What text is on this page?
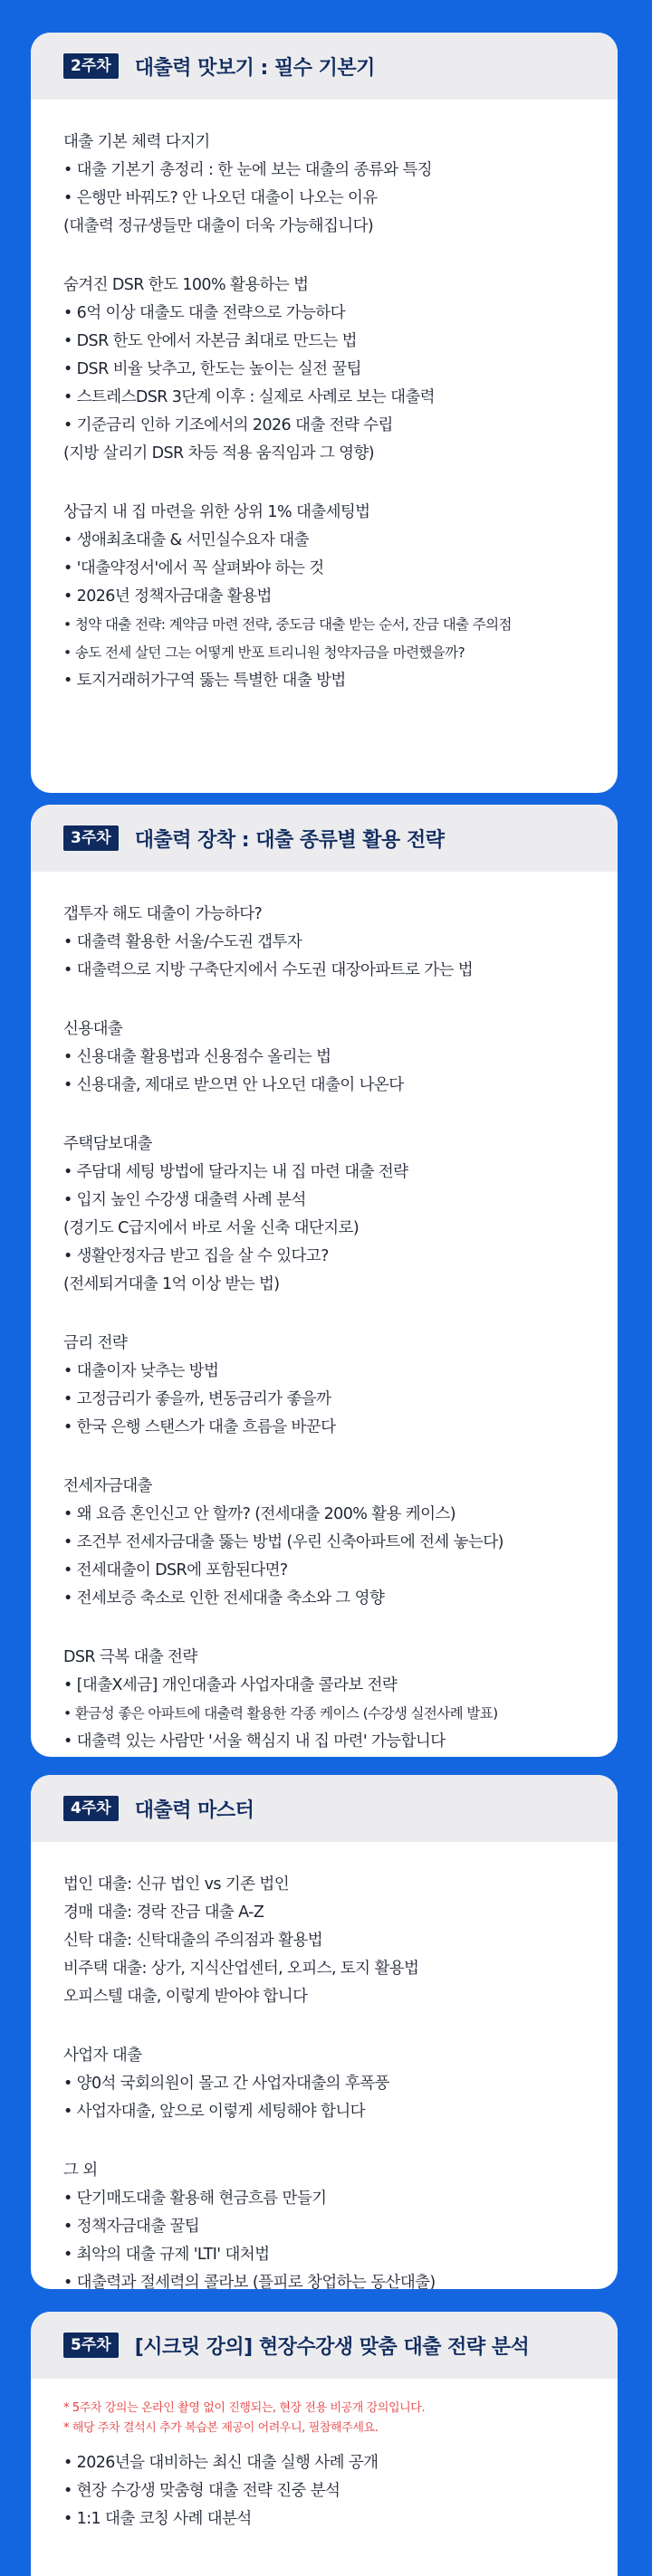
2주차	대출력 맛보기 : 필수 기본기
대출 기본 체력 다지기
• 대출 기본기 총정리 : 한 눈에 보는 대출의 종류와 특징
• 은행만 바꿔도? 안 나오던 대출이 나오는 이유
(대출력 정규생들만 대출이 더욱 가능해집니다)
숨겨진 DSR 한도 100% 활용하는 법
• 6억 이상 대출도 대출 전략으로 가능하다
• DSR 한도 안에서 자본금 최대로 만드는 법
• DSR 비율 낮추고, 한도는 높이는 실전 꿀팁
• 스트레스DSR 3단계 이후 : 실제로 사례로 보는 대출력
• 기준금리 인하 기조에서의 2026 대출 전략 수립
(지방 살리기 DSR 차등 적용 움직임과 그 영향)
상급지 내 집 마련을 위한 상위 1% 대출세팅법
• 생애최초대출 & 서민실수요자 대출
• '대출약정서'에서 꼭 살펴봐야 하는 것
• 2026년 정책자금대출 활용법
• 청약 대출 전략: 계약금 마련 전략, 중도금 대출 받는 순서, 잔금 대출 주의점
• 송도 전세 살던 그는 어떻게 반포 트리니원 청약자금을 마련했을까?
• 토지거래허가구역 뚫는 특별한 대출 방법
3주차	대출력 장착 : 대출 종류별 활용 전략
갭투자 해도 대출이 가능하다?
• 대출력 활용한 서울/수도권 갭투자
• 대출력으로 지방 구축단지에서 수도권 대장아파트로 가는 법
신용대출
• 신용대출 활용법과 신용점수 올리는 법
• 신용대출, 제대로 받으면 안 나오던 대출이 나온다
주택담보대출
• 주담대 세팅 방법에 달라지는 내 집 마련 대출 전략
• 입지 높인 수강생 대출력 사례 분석
(경기도 C급지에서 바로 서울 신축 대단지로)
• 생활안정자금 받고 집을 살 수 있다고?
(전세퇴거대출 1억 이상 받는 법)
금리 전략
• 대출이자 낮추는 방법
• 고정금리가 좋을까, 변동금리가 좋을까
• 한국 은행 스탠스가 대출 흐름을 바꾼다
전세자금대출
• 왜 요즘 혼인신고 안 할까? (전세대출 200% 활용 케이스)
• 조건부 전세자금대출 뚫는 방법 (우린 신축아파트에 전세 놓는다)
• 전세대출이 DSR에 포함된다면?
• 전세보증 축소로 인한 전세대출 축소와 그 영향
DSR 극복 대출 전략
• [대출X세금] 개인대출과 사업자대출 콜라보 전략
• 환금성 좋은 아파트에 대출력 활용한 각종 케이스 (수강생 실전사례 발표)
• 대출력 있는 사람만 '서울 핵심지 내 집 마련' 가능합니다
4주차	대출력 마스터
법인 대출: 신규 법인 vs 기존 법인
경매 대출: 경락 잔금 대출 A-Z
신탁 대출: 신탁대출의 주의점과 활용법
비주택 대출: 상가, 지식산업센터, 오피스, 토지 활용법
오피스텔 대출, 이렇게 받아야 합니다
사업자 대출
• 양0석 국회의원이 몰고 간 사업자대출의 후폭풍
• 사업자대출, 앞으로 이렇게 세팅해야 합니다
그 외
• 단기매도대출 활용해 현금흐름 만들기
• 정책자금대출 꿀팁
• 최악의 대출 규제 'LTI' 대처법
• 대출력과 절세력의 콜라보 (플피로 창업하는 동산대출)
5주차	[시크릿 강의] 현장수강생 맞춤 대출 전략 분석
* 5주차 강의는 온라인 촬영 없이 진행되는, 현장 전용 비공개 강의입니다.
* 해당 주차 결석시 추가 복습본 제공이 어려우니, 필참해주세요.
• 2026년을 대비하는 최신 대출 실행 사례 공개
• 현장 수강생 맞춤형 대출 전략 진중 분석
• 1:1 대출 코칭 사례 대분석
